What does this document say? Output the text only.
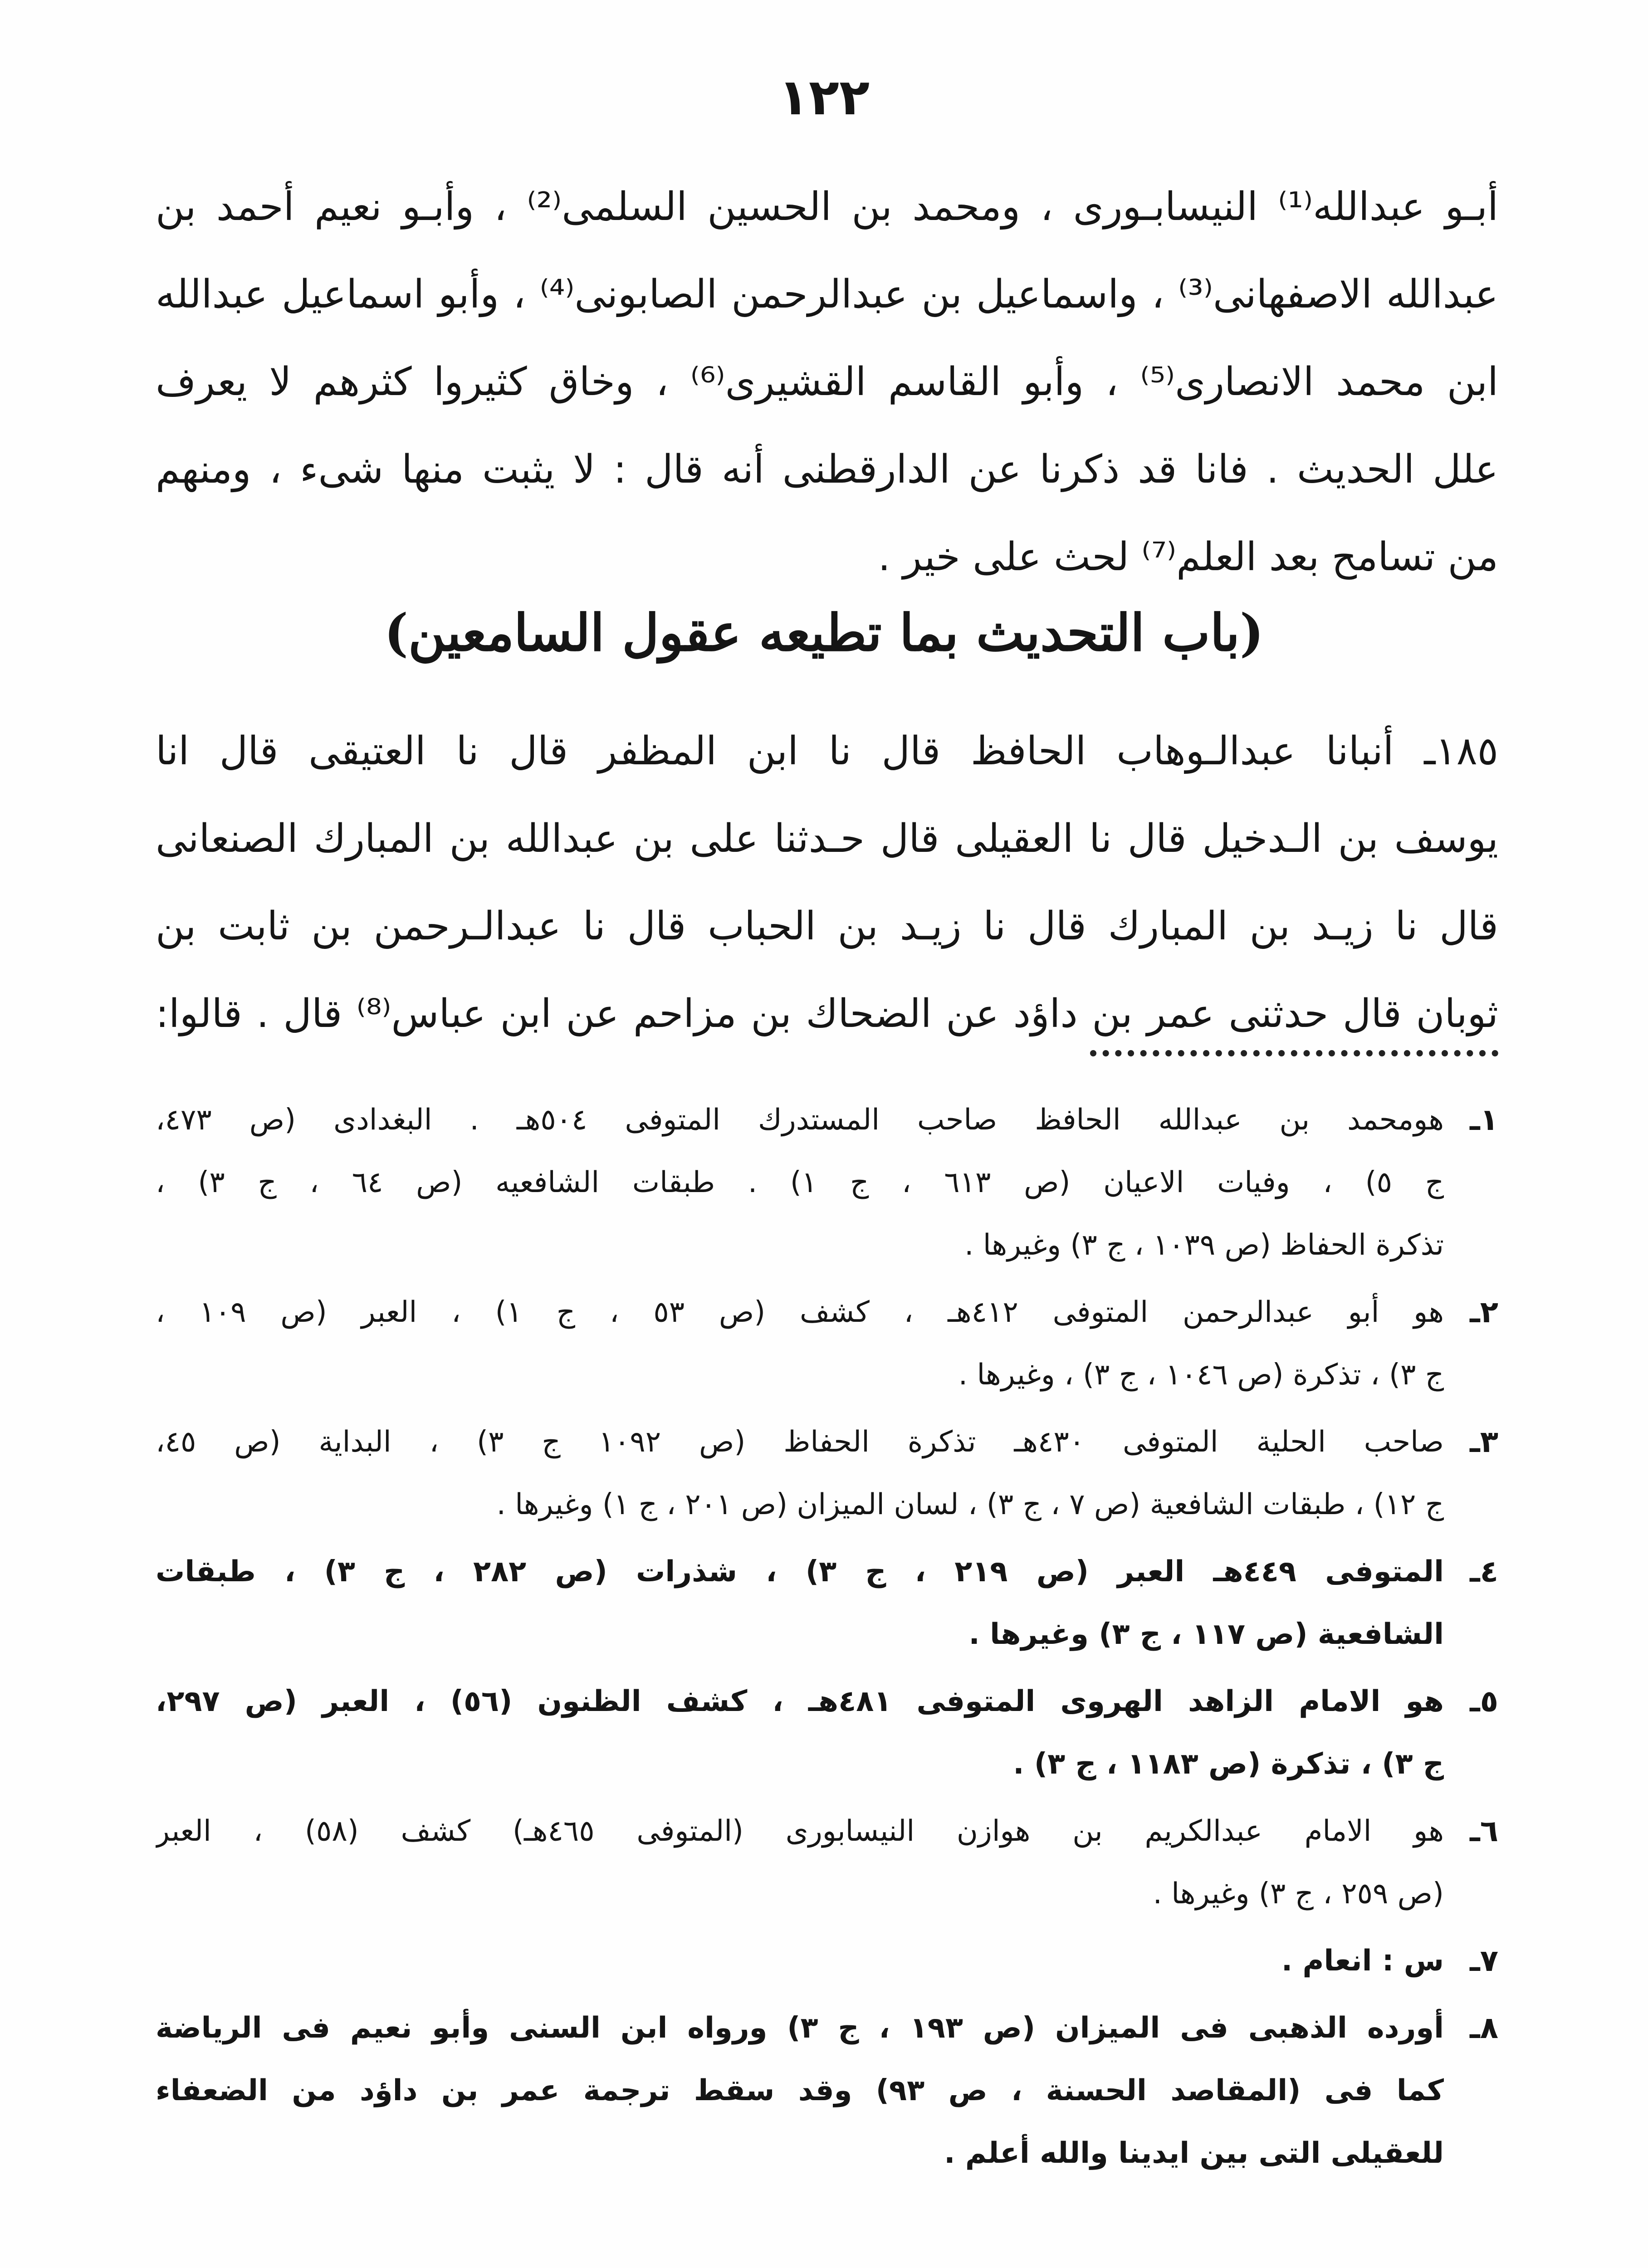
١٢٢
أبـو عبدالله⁽¹⁾ النيسابـورى ، ومحمد بن الحسين السلمى⁽²⁾ ، وأبـو نعيم أحمد بن
عبدالله الاصفهانى⁽³⁾ ، واسماعيل بن عبدالرحمن الصابونى⁽⁴⁾ ، وأبو اسماعيل عبدالله
ابن محمد الانصارى⁽⁵⁾ ، وأبو القاسم القشيرى⁽⁶⁾ ، وخاق كثيروا كثرهم لا يعرف
علل الحديث . فانا قد ذكرنا عن الدارقطنى أنه قال : لا يثبت منها شىء ، ومنهم
من تسامح بعد العلم⁽⁷⁾ لحث على خير .
(باب التحديث بما تطيعه عقول السامعين)
١٨٥ـ أنبانا عبدالـوهاب الحافظ قال نا ابن المظفر قال نا العتيقى قال انا
يوسف بن الـدخيل قال نا العقيلى قال حـدثنا على بن عبدالله بن المبارك الصنعانى
قال نا زيـد بن المبارك قال نا زيـد بن الحباب قال نا عبدالـرحمن بن ثابت بن
ثوبان قال حدثنى عمر بن داؤد عن الضحاك بن مزاحم عن ابن عباس⁽⁸⁾ قال . قالوا:
١ـ
هومحمد بن عبدالله الحافظ صاحب المستدرك المتوفى ٥٠٤هـ . البغدادى (ص ٤٧٣،
ج ٥) ، وفيات الاعيان (ص ٦١٣ ، ج ١) . طبقات الشافعيه (ص ٦٤ ، ج ٣) ،
تذكرة الحفاظ (ص ١٠٣٩ ، ج ٣) وغيرها .
٢ـ
هو أبو عبدالرحمن المتوفى ٤١٢هـ ، كشف (ص ٥٣ ، ج ١) ، العبر (ص ١٠٩ ،
ج ٣) ، تذكرة (ص ١٠٤٦ ، ج ٣) ، وغيرها .
٣ـ
صاحب الحلية المتوفى ٤٣٠هـ تذكرة الحفاظ (ص ١٠٩٢ ج ٣) ، البداية (ص ٤٥،
ج ١٢) ، طبقات الشافعية (ص ٧ ، ج ٣) ، لسان الميزان (ص ٢٠١ ، ج ١) وغيرها .
٤ـ
المتوفى ٤٤٩هـ العبر (ص ٢١٩ ، ج ٣) ، شذرات (ص ٢٨٢ ، ج ٣) ، طبقات
الشافعية (ص ١١٧ ، ج ٣) وغيرها .
٥ـ
هو الامام الزاهد الهروى المتوفى ٤٨١هـ ، كشف الظنون (٥٦) ، العبر (ص ٢٩٧،
ج ٣) ، تذكرة (ص ١١٨٣ ، ج ٣) .
٦ـ
هو الامام عبدالكريم بن هوازن النيسابورى (المتوفى ٤٦٥هـ) كشف (٥٨) ، العبر
(ص ٢٥٩ ، ج ٣) وغيرها .
٧ـ
س : انعام .
٨ـ
أورده الذهبى فى الميزان (ص ١٩٣ ، ج ٣) ورواه ابن السنى وأبو نعيم فى الرياضة
كما فى (المقاصد الحسنة ، ص ٩٣) وقد سقط ترجمة عمر بن داؤد من الضعفاء
للعقيلى التى بين ايدينا والله أعلم .
